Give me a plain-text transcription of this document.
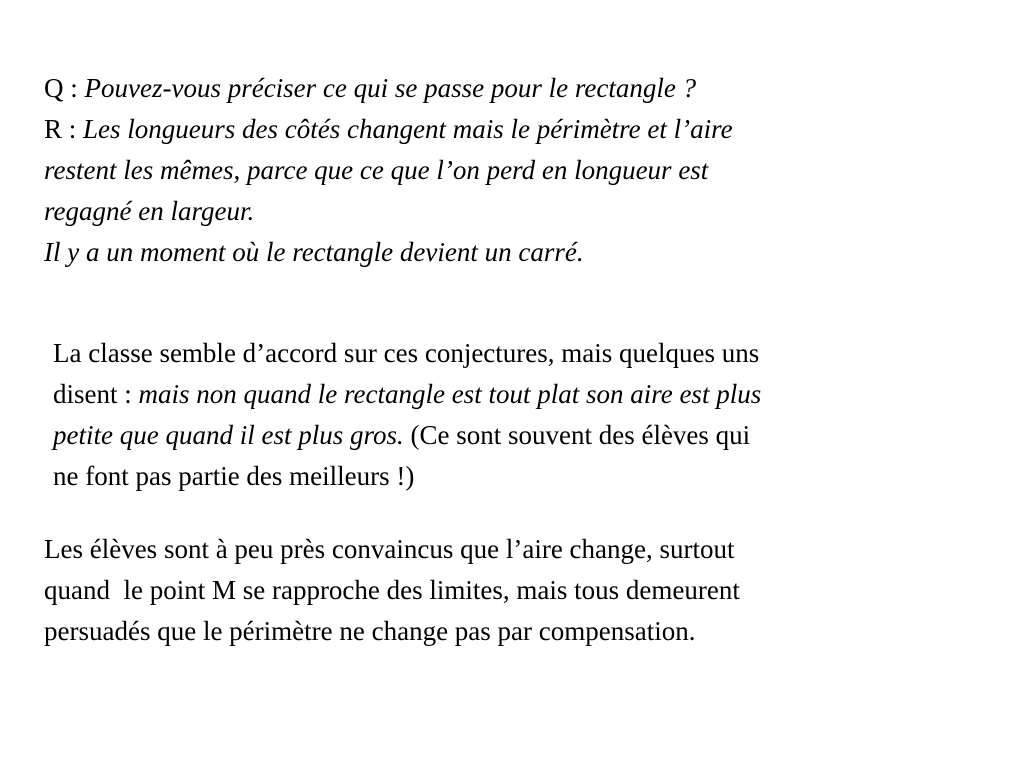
Q : Pouvez-vous préciser ce qui se passe pour le rectangle ?
R : Les longueurs des côtés changent mais le périmètre et l’aire
restent les mêmes, parce que ce que l’on perd en longueur est
regagné en largeur.
Il y a un moment où le rectangle devient un carré.
La classe semble d’accord sur ces conjectures, mais quelques uns
disent : mais non quand le rectangle est tout plat son aire est plus
petite que quand il est plus gros. (Ce sont souvent des élèves qui
ne font pas partie des meilleurs !)
Les élèves sont à peu près convaincus que l’aire change, surtout
quand  le point M se rapproche des limites, mais tous demeurent
persuadés que le périmètre ne change pas par compensation.
